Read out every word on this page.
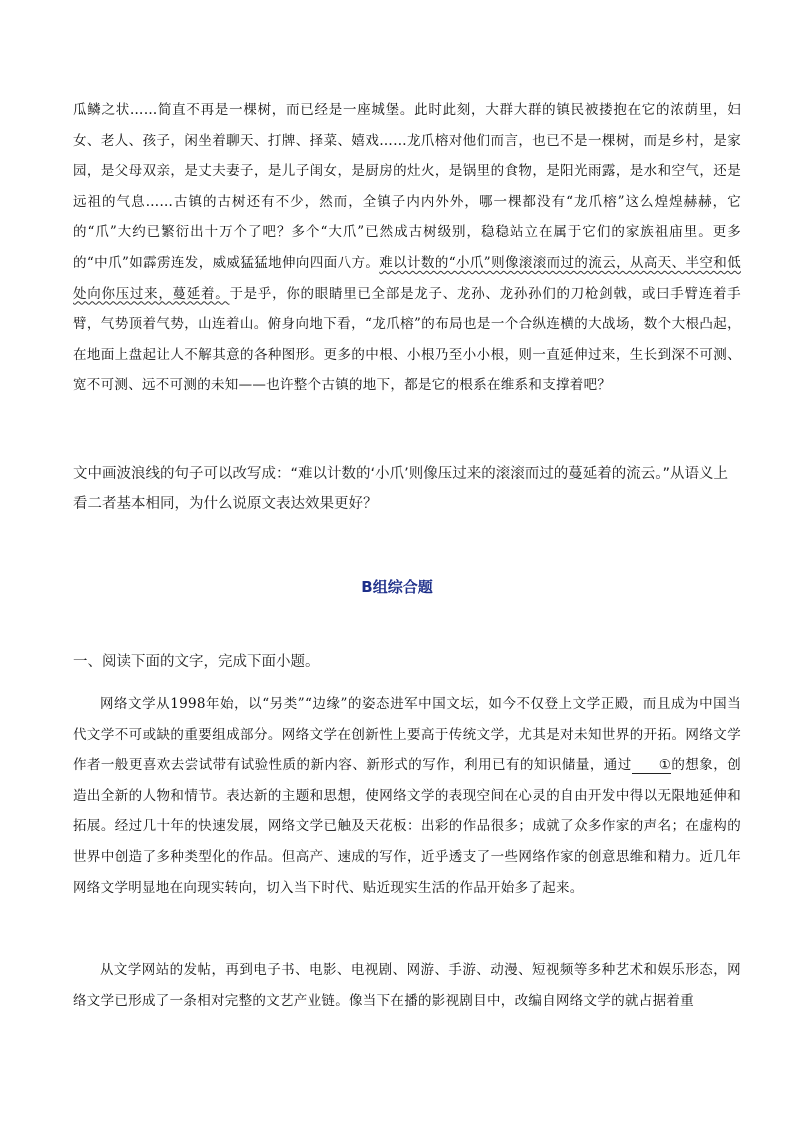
瓜鳞之状……简直不再是一棵树，而已经是一座城堡。此时此刻，大群大群的镇民被搂抱在它的浓荫里，妇女、老人、孩子，闲坐着聊天、打牌、择菜、嬉戏……龙爪榕对他们而言，也已不是一棵树，而是乡村，是家园，是父母双亲，是丈夫妻子，是儿子闺女，是厨房的灶火，是锅里的食物，是阳光雨露，是水和空气，还是远祖的气息……古镇的古树还有不少，然而，全镇子内内外外，哪一棵都没有“龙爪榕”这么煌煌赫赫，它的“爪”大约已繁衍出十万个了吧？多个“大爪”已然成古树级别，稳稳站立在属于它们的家族祖庙里。更多的“中爪”如霹雳连发，威威猛猛地伸向四面八方。难以计数的“小爪”则像滚滚而过的流云，从高天、半空和低处向你压过来，蔓延着。于是乎，你的眼睛里已全部是龙子、龙孙、龙孙孙们的刀枪剑戟，或曰手臂连着手臂，气势顶着气势，山连着山。俯身向地下看，“龙爪榕”的布局也是一个合纵连横的大战场，数个大根凸起，在地面上盘起让人不解其意的各种图形。更多的中根、小根乃至小小根，则一直延伸过来，生长到深不可测、宽不可测、远不可测的未知——也许整个古镇的地下，都是它的根系在维系和支撑着吧？

文中画波浪线的句子可以改写成：“难以计数的‘小爪’则像压过来的滚滚而过的蔓延着的流云。”从语义上看二者基本相同，为什么说原文表达效果更好？
B组综合题
一、阅读下面的文字，完成下面小题。

网络文学从1998年始，以“另类”“边缘”的姿态进军中国文坛，如今不仅登上文学正殿，而且成为中国当代文学不可或缺的重要组成部分。网络文学在创新性上要高于传统文学，尤其是对未知世界的开拓。网络文学作者一般更喜欢去尝试带有试验性质的新内容、新形式的写作，利用已有的知识储量，通过 ①的想象，创造出全新的人物和情节。表达新的主题和思想，使网络文学的表现空间在心灵的自由开发中得以无限地延伸和拓展。经过几十年的快速发展，网络文学已触及天花板：出彩的作品很多；成就了众多作家的声名；在虚构的世界中创造了多种类型化的作品。但高产、速成的写作，近乎透支了一些网络作家的创意思维和精力。近几年网络文学明显地在向现实转向，切入当下时代、贴近现实生活的作品开始多了起来。

从文学网站的发帖，再到电子书、电影、电视剧、网游、手游、动漫、短视频等多种艺术和娱乐形态，网络文学已形成了一条相对完整的文艺产业链。像当下在播的影视剧目中，改编自网络文学的就占据着重
